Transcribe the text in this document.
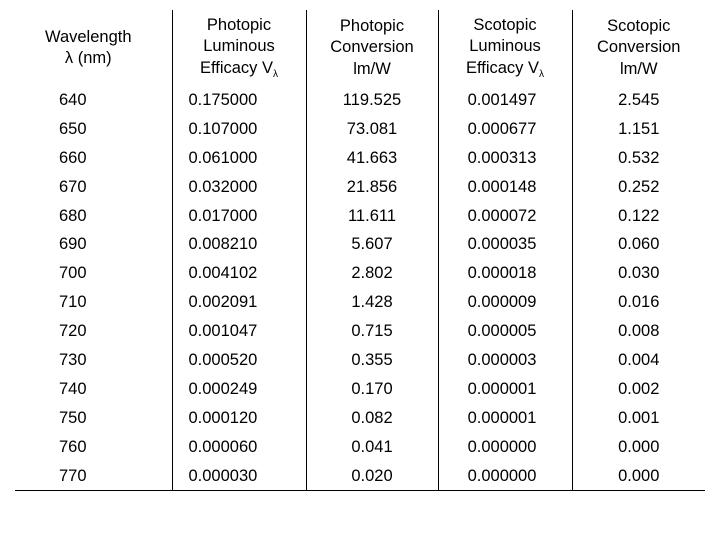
Wavelength
λ (nm)	Photopic
Luminous
Efficacy $V_\lambda$	Photopic
Conversion
lm/W	Scotopic
Luminous
Efficacy $V_\lambda$	Scotopic
Conversion
lm/W

640	0.175000	119.525	0.001497	2.545
650	0.107000	73.081	0.000677	1.151
660	0.061000	41.663	0.000313	0.532
670	0.032000	21.856	0.000148	0.252
680	0.017000	11.611	0.000072	0.122
690	0.008210	5.607	0.000035	0.060
700	0.004102	2.802	0.000018	0.030
710	0.002091	1.428	0.000009	0.016
720	0.001047	0.715	0.000005	0.008
730	0.000520	0.355	0.000003	0.004
740	0.000249	0.170	0.000001	0.002
750	0.000120	0.082	0.000001	0.001
760	0.000060	0.041	0.000000	0.000
770	0.000030	0.020	0.000000	0.000
